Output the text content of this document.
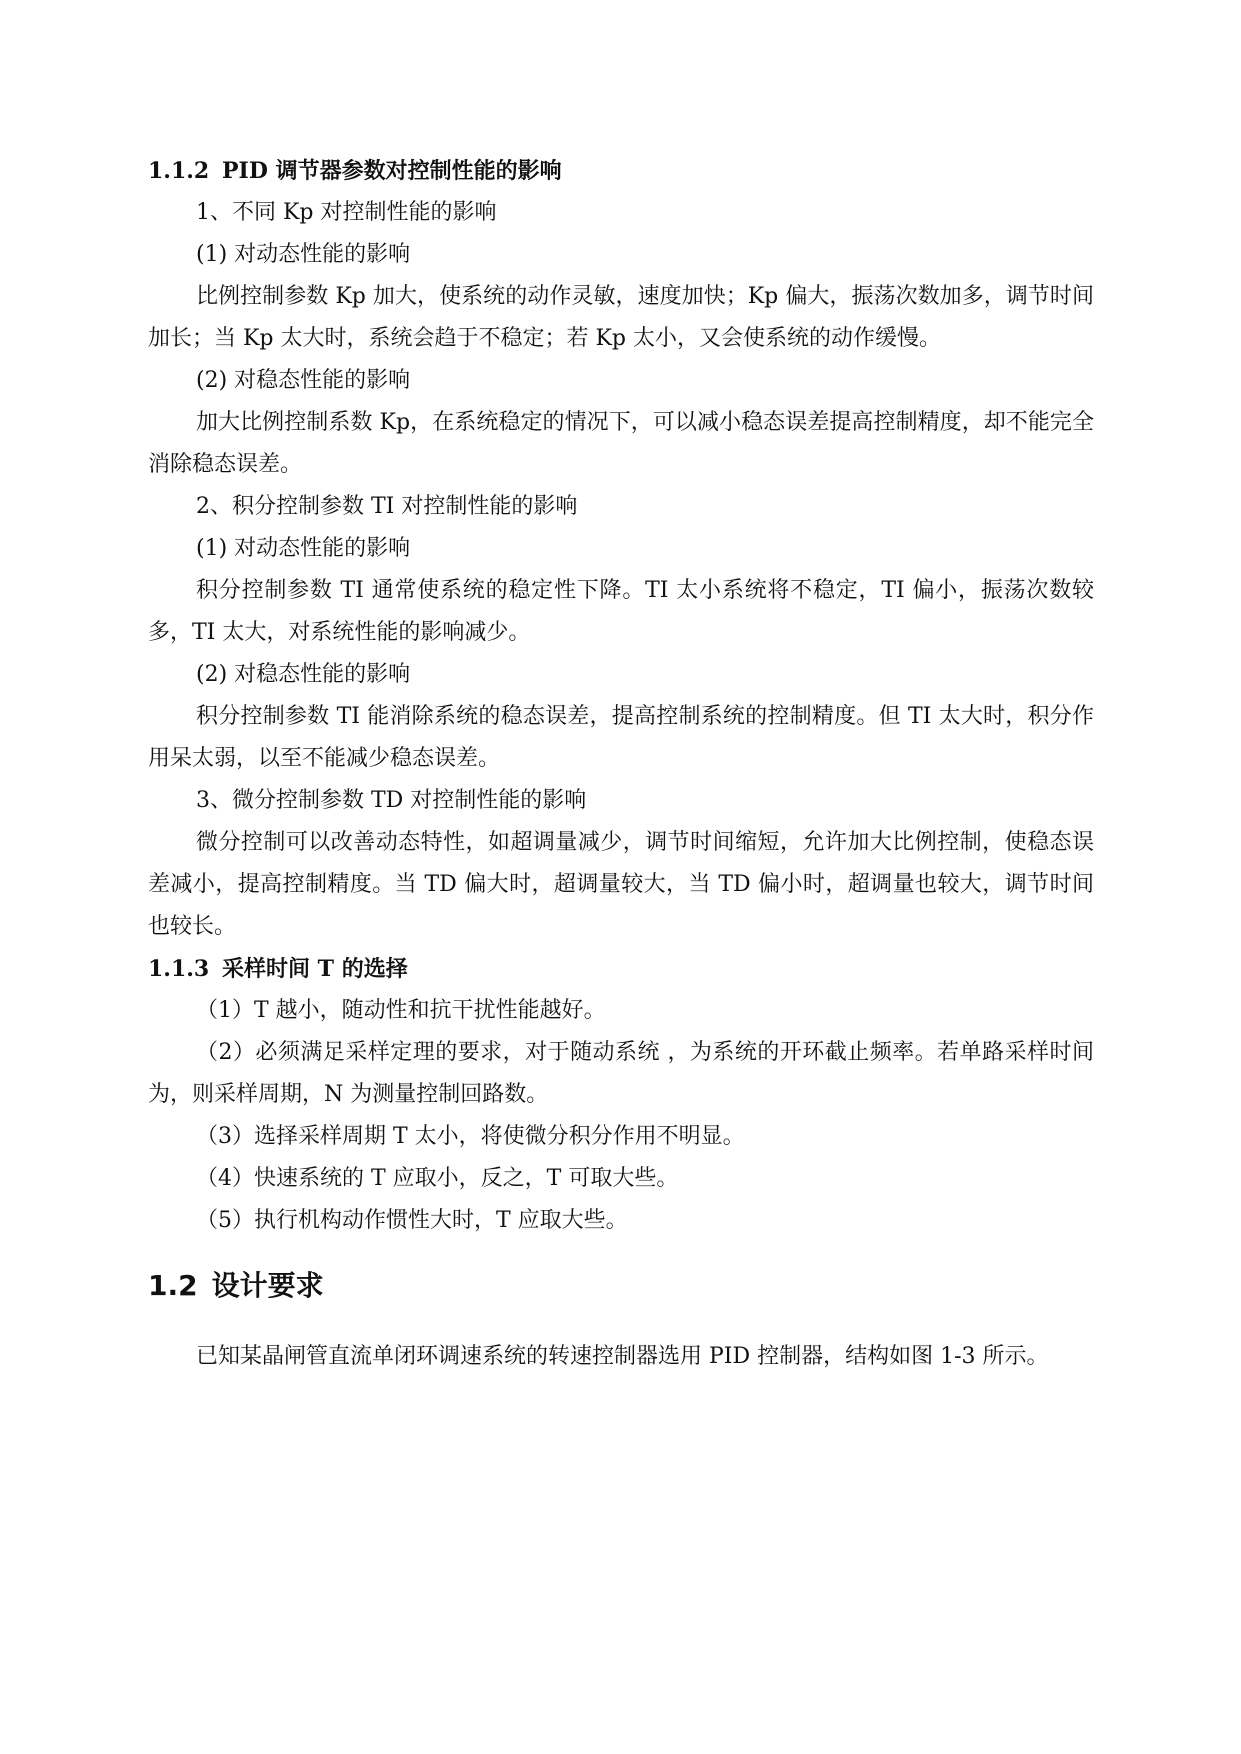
1.1.2 PID 调节器参数对控制性能的影响

1、不同 Kp 对控制性能的影响

(1) 对动态性能的影响

比例控制参数 Kp 加大，使系统的动作灵敏，速度加快；Kp 偏大，振荡次数加多，调节时间加长；当 Kp 太大时，系统会趋于不稳定；若 Kp 太小，又会使系统的动作缓慢。

(2) 对稳态性能的影响

加大比例控制系数 Kp，在系统稳定的情况下，可以减小稳态误差提高控制精度，却不能完全消除稳态误差。

2、积分控制参数 TI 对控制性能的影响

(1) 对动态性能的影响

积分控制参数 TI 通常使系统的稳定性下降。TI 太小系统将不稳定，TI 偏小，振荡次数较多，TI 太大，对系统性能的影响减少。

(2) 对稳态性能的影响

积分控制参数 TI 能消除系统的稳态误差，提高控制系统的控制精度。但 TI 太大时，积分作用呆太弱，以至不能减少稳态误差。

3、微分控制参数 TD 对控制性能的影响

微分控制可以改善动态特性，如超调量减少，调节时间缩短，允许加大比例控制，使稳态误差减小，提高控制精度。当 TD 偏大时，超调量较大，当 TD 偏小时，超调量也较大，调节时间也较长。

1.1.3 采样时间 T 的选择

（1）T 越小，随动性和抗干扰性能越好。

（2）必须满足采样定理的要求，对于随动系统 ，为系统的开环截止频率。若单路采样时间为，则采样周期，N 为测量控制回路数。

（3）选择采样周期 T 太小，将使微分积分作用不明显。

（4）快速系统的 T 应取小，反之，T 可取大些。

（5）执行机构动作惯性大时，T 应取大些。

1.2 设计要求

已知某晶闸管直流单闭环调速系统的转速控制器选用 PID 控制器，结构如图 1-3 所示。
